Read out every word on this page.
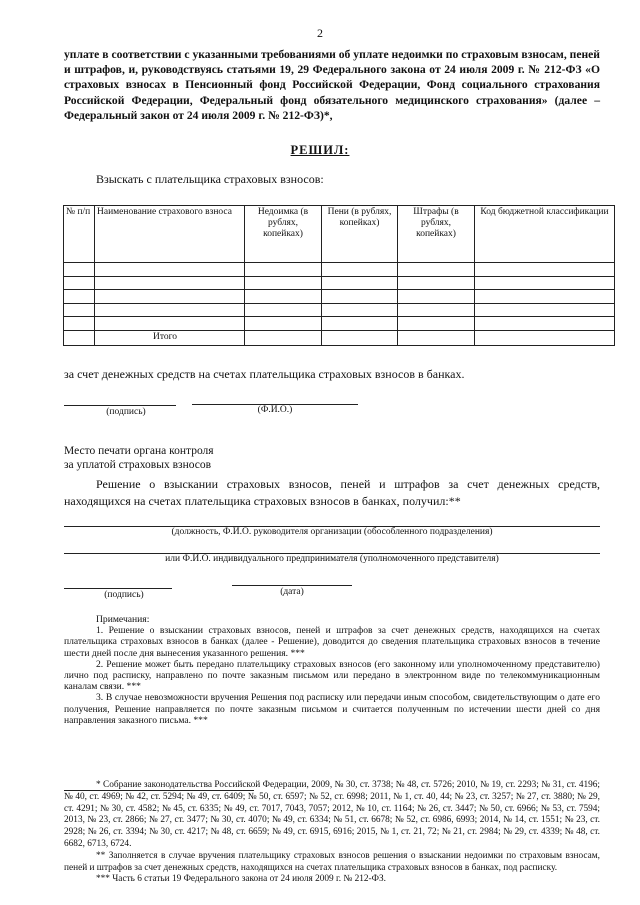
2
уплате в соответствии с указанными требованиями об уплате недоимки по страховым взносам, пеней и штрафов, и, руководствуясь статьями 19, 29 Федерального закона от 24 июля 2009 г. № 212-ФЗ «О страховых взносах в Пенсионный фонд Российской Федерации, Фонд социального страхования Российской Федерации, Федеральный фонд обязательного медицинского страхования» (далее – Федеральный закон от 24 июля 2009 г. № 212-ФЗ)*,
РЕШИЛ:
Взыскать с плательщика страховых взносов:
№ п/п	Наименование страхового взноса	Недоимка (в рублях, копейках)	Пени (в рублях, копейках)	Штрафы (в рублях, копейках)	Код бюджетной классификации

	Итого				
за счет денежных средств на счетах плательщика страховых взносов в банках.
(подпись)	(Ф.И.О.)
Место печати органа контроля
за уплатой страховых взносов
Решение о взыскании страховых взносов, пеней и штрафов за счет денежных средств, находящихся на счетах плательщика страховых взносов в банках, получил:**
(должность, Ф.И.О. руководителя организации (обособленного подразделения)
или Ф.И.О. индивидуального предпринимателя (уполномоченного представителя)
(подпись)	(дата)
Примечания:

1. Решение о взыскании страховых взносов, пеней и штрафов за счет денежных средств, находящихся на счетах плательщика страховых взносов в банках (далее - Решение), доводится до сведения плательщика страховых взносов в течение шести дней после дня вынесения указанного решения. ***

2. Решение может быть передано плательщику страховых взносов (его законному или уполномоченному представителю) лично под расписку, направлено по почте заказным письмом или передано в электронном виде по телекоммуникационным каналам связи. ***

3. В случае невозможности вручения Решения под расписку или передачи иным способом, свидетельствующим о дате его получения, Решение направляется по почте заказным письмом и считается полученным по истечении шести дней со дня направления заказного письма. ***

* Собрание законодательства Российской Федерации, 2009, № 30, ст. 3738; № 48, ст. 5726; 2010, № 19, ст. 2293; № 31, ст. 4196; № 40, ст. 4969; № 42, ст. 5294; № 49, ст. 6409; № 50, ст. 6597; № 52, ст. 6998; 2011, № 1, ст. 40, 44; № 23, ст. 3257; № 27, ст. 3880; № 29, ст. 4291; № 30, ст. 4582; № 45, ст. 6335; № 49, ст. 7017, 7043, 7057; 2012, № 10, ст. 1164; № 26, ст. 3447; № 50, ст. 6966; № 53, ст. 7594; 2013, № 23, ст. 2866; № 27, ст. 3477; № 30, ст. 4070; № 49, ст. 6334; № 51, ст. 6678; № 52, ст. 6986, 6993; 2014, № 14, ст. 1551; № 23, ст. 2928; № 26, ст. 3394; № 30, ст. 4217; № 48, ст. 6659; № 49, ст. 6915, 6916; 2015, № 1, ст. 21, 72; № 21, ст. 2984; № 29, ст. 4339; № 48, ст. 6682, 6713, 6724.

** Заполняется в случае вручения плательщику страховых взносов решения о взыскании недоимки по страховым взносам, пеней и штрафов за счет денежных средств, находящихся на счетах плательщика страховых взносов в банках, под расписку.

*** Часть 6 статьи 19 Федерального закона от 24 июля 2009 г. № 212-ФЗ.
